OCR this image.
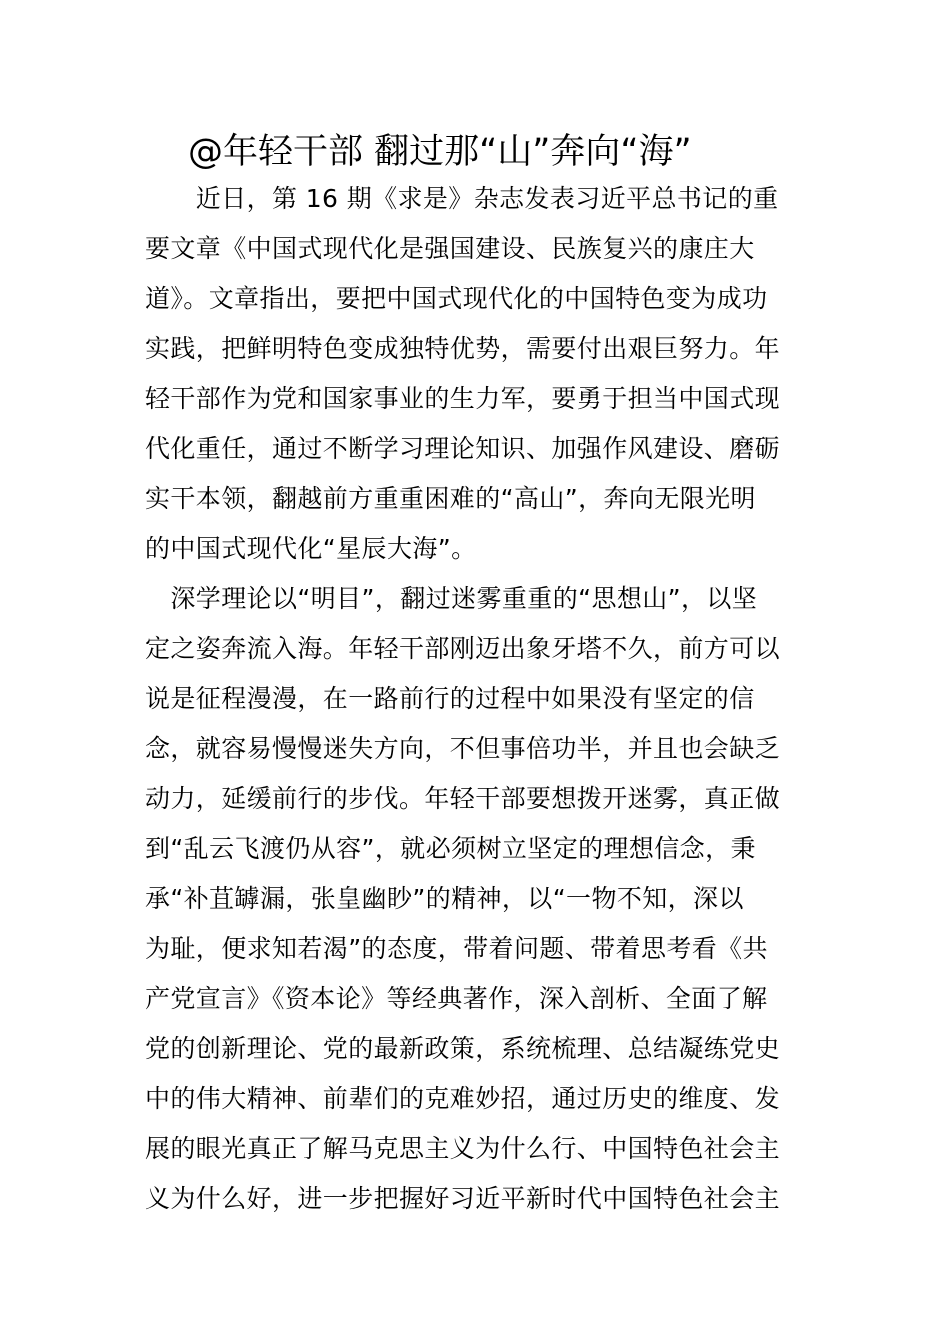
@年轻干部 翻过那“山”奔向“海”
　　近日，第 16 期《求是》杂志发表习近平总书记的重
要文章《中国式现代化是强国建设、民族复兴的康庄大
道》。文章指出，要把中国式现代化的中国特色变为成功
实践，把鲜明特色变成独特优势，需要付出艰巨努力。年
轻干部作为党和国家事业的生力军，要勇于担当中国式现
代化重任，通过不断学习理论知识、加强作风建设、磨砺
实干本领，翻越前方重重困难的“高山”，奔向无限光明
的中国式现代化“星辰大海”。
　深学理论以“明目”，翻过迷雾重重的“思想山”，以坚
定之姿奔流入海。年轻干部刚迈出象牙塔不久，前方可以
说是征程漫漫，在一路前行的过程中如果没有坚定的信
念，就容易慢慢迷失方向，不但事倍功半，并且也会缺乏
动力，延缓前行的步伐。年轻干部要想拨开迷雾，真正做
到“乱云飞渡仍从容”，就必须树立坚定的理想信念，秉
承“补苴罅漏，张皇幽眇”的精神，以“一物不知，深以
为耻，便求知若渴”的态度，带着问题、带着思考看《共
产党宣言》《资本论》等经典著作，深入剖析、全面了解
党的创新理论、党的最新政策，系统梳理、总结凝练党史
中的伟大精神、前辈们的克难妙招，通过历史的维度、发
展的眼光真正了解马克思主义为什么行、中国特色社会主
义为什么好，进一步把握好习近平新时代中国特色社会主
